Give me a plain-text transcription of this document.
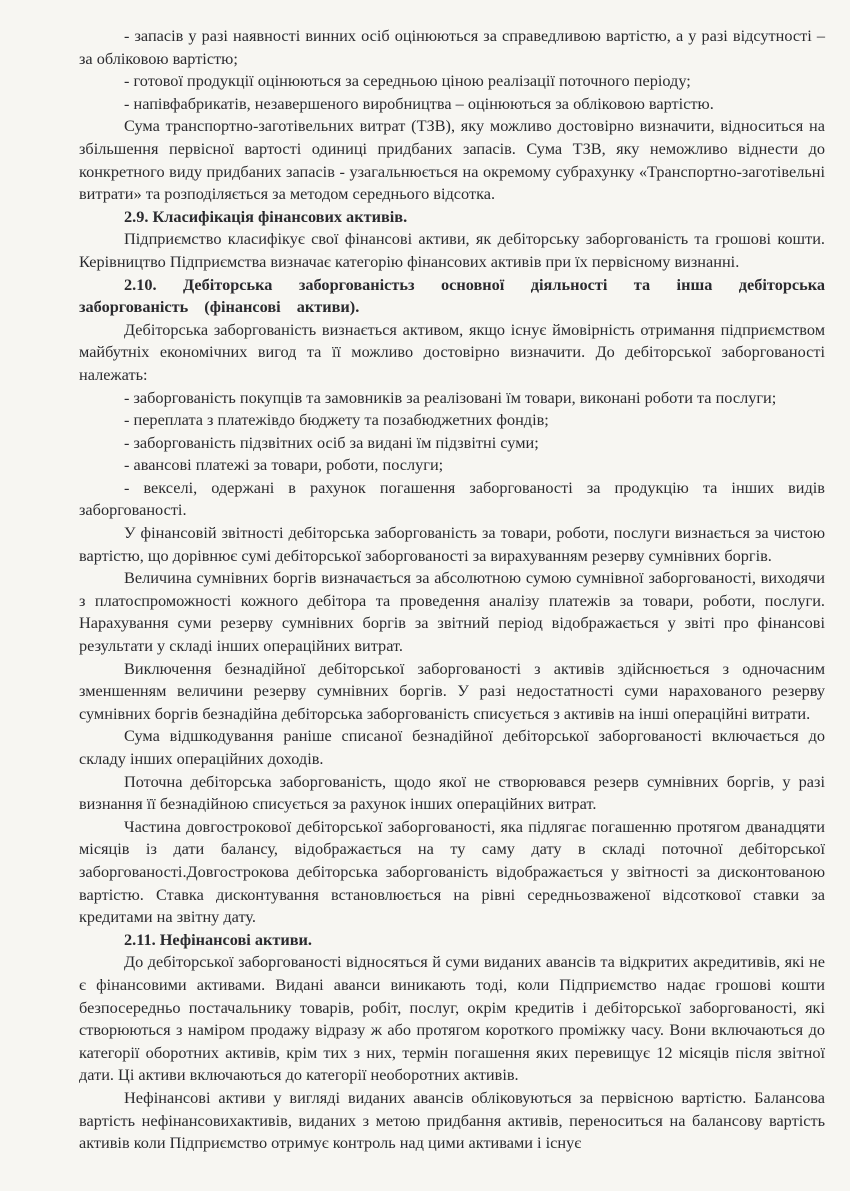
- запасів у разі наявності винних осіб оцінюються за справедливою вартістю, а у разі відсутності – за обліковою вартістю;

- готової продукції оцінюються за середньою ціною реалізації поточного періоду;

- напівфабрикатів, незавершеного виробництва – оцінюються за обліковою вартістю.

Сума транспортно-заготівельних витрат (ТЗВ), яку можливо достовірно визначити, відноситься на збільшення первісної вартості одиниці придбаних запасів. Сума ТЗВ, яку неможливо віднести до конкретного виду придбаних запасів - узагальнюється на окремому субрахунку «Транспортно-заготівельні витрати» та розподіляється за методом середнього відсотка.

2.9. Класифікація фінансових активів.

Підприємство класифікує свої фінансові активи, як дебіторську заборгованість та грошові кошти. Керівництво Підприємства визначає категорію фінансових активів при їх первісному визнанні.

2.10. Дебіторська заборгованістьз основної діяльності та інша дебіторська заборгованість (фінансові активи).

Дебіторська заборгованість визнається активом, якщо існує ймовірність отримання підприємством майбутніх економічних вигод та її можливо достовірно визначити. До дебіторської заборгованості належать:

- заборгованість покупців та замовників за реалізовані їм товари, виконані роботи та послуги;

- переплата з платежівдо бюджету та позабюджетних фондів;

- заборгованість підзвітних осіб за видані їм підзвітні суми;

- авансові платежі за товари, роботи, послуги;

- векселі, одержані в рахунок погашення заборгованості за продукцію та інших видів заборгованості.

У фінансовій звітності дебіторська заборгованість за товари, роботи, послуги визнається за чистою вартістю, що дорівнює сумі дебіторської заборгованості за вирахуванням резерву сумнівних боргів.

Величина сумнівних боргів визначається за абсолютною сумою сумнівної заборгованості, виходячи з платоспроможності кожного дебітора та проведення аналізу платежів за товари, роботи, послуги. Нарахування суми резерву сумнівних боргів за звітний період відображається у звіті про фінансові результати у складі інших операційних витрат.

Виключення безнадійної дебіторської заборгованості з активів здійснюється з одночасним зменшенням величини резерву сумнівних боргів. У разі недостатності суми нарахованого резерву сумнівних боргів безнадійна дебіторська заборгованість списується з активів на інші операційні витрати.

Сума відшкодування раніше списаної безнадійної дебіторської заборгованості включається до складу інших операційних доходів.

Поточна дебіторська заборгованість, щодо якої не створювався резерв сумнівних боргів, у разі визнання її безнадійною списується за рахунок інших операційних витрат.

Частина довгострокової дебіторської заборгованості, яка підлягає погашенню протягом дванадцяти місяців із дати балансу, відображається на ту саму дату в складі поточної дебіторської заборгованості.Довгострокова дебіторська заборгованість відображається у звітності за дисконтованою вартістю. Ставка дисконтування встановлюється на рівні середньозваженої відсоткової ставки за кредитами на звітну дату.

2.11. Нефінансові активи.

До дебіторської заборгованості відносяться й суми виданих авансів та відкритих акредитивів, які не є фінансовими активами. Видані аванси виникають тоді, коли Підприємство надає грошові кошти безпосередньо постачальнику товарів, робіт, послуг, окрім кредитів і дебіторської заборгованості, які створюються з наміром продажу відразу ж або протягом короткого проміжку часу. Вони включаються до категорії оборотних активів, крім тих з них, термін погашення яких перевищує 12 місяців після звітної дати. Ці активи включаються до категорії необоротних активів.

Нефінансові активи у вигляді виданих авансів обліковуються за первісною вартістю. Балансова вартість нефінансовихактивів, виданих з метою придбання активів, переноситься на балансову вартість активів коли Підприємство отримує контроль над цими активами і існує
